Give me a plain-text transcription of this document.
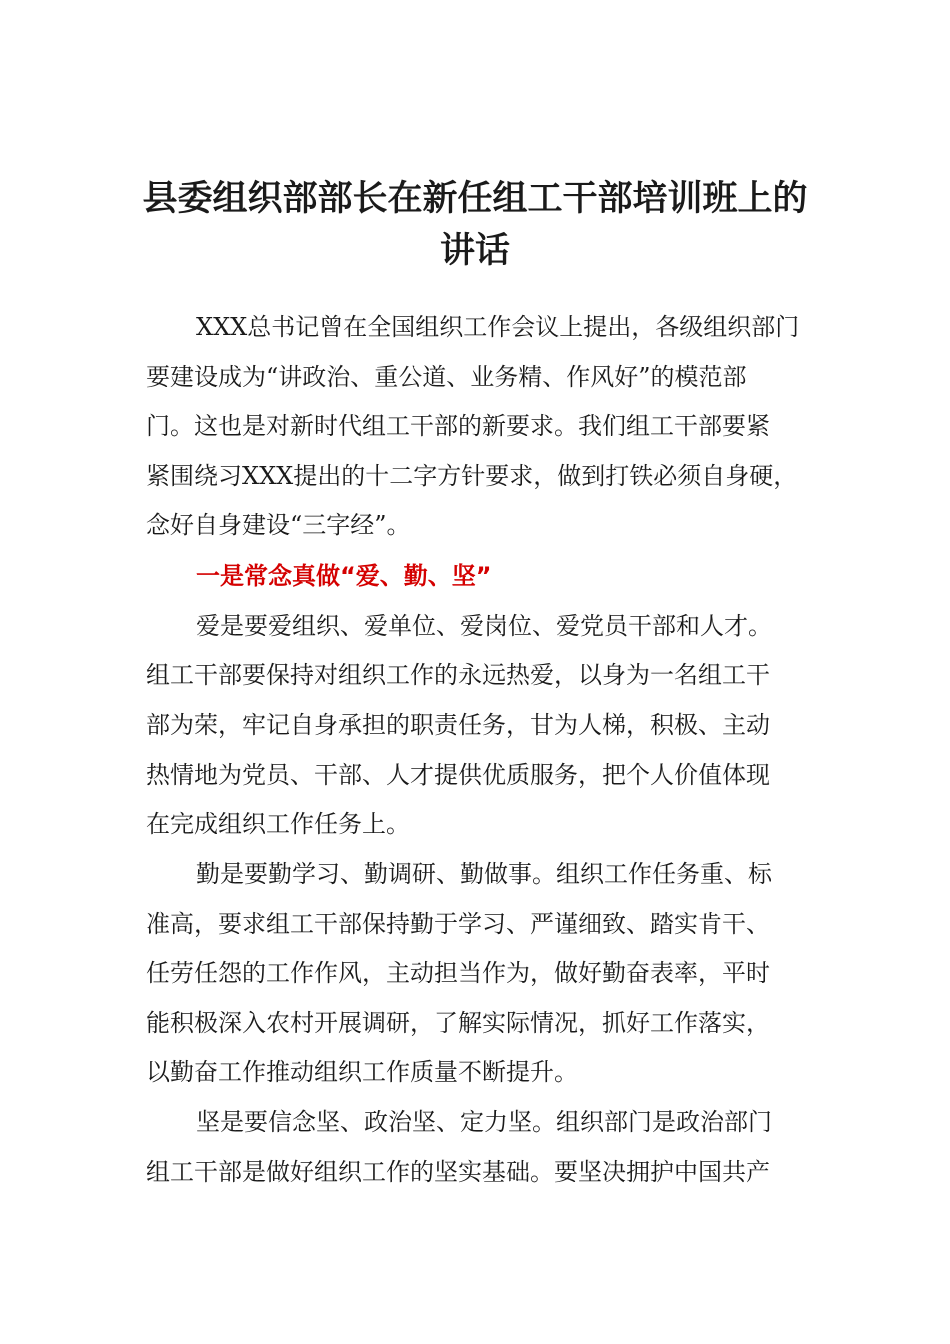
县委组织部部长在新任组工干部培训班上的
讲话

XXX总书记曾在全国组织工作会议上提出，各级组织部门

要建设成为“讲政治、重公道、业务精、作风好”的模范部

门。这也是对新时代组工干部的新要求。我们组工干部要紧

紧围绕习XXX提出的十二字方针要求，做到打铁必须自身硬，

念好自身建设“三字经”。

一是常念真做“爱、勤、坚”

爱是要爱组织、爱单位、爱岗位、爱党员干部和人才。

组工干部要保持对组织工作的永远热爱，以身为一名组工干

部为荣，牢记自身承担的职责任务，甘为人梯，积极、主动

热情地为党员、干部、人才提供优质服务，把个人价值体现

在完成组织工作任务上。

勤是要勤学习、勤调研、勤做事。组织工作任务重、标

准高，要求组工干部保持勤于学习、严谨细致、踏实肯干、

任劳任怨的工作作风，主动担当作为，做好勤奋表率，平时

能积极深入农村开展调研，了解实际情况，抓好工作落实，

以勤奋工作推动组织工作质量不断提升。

坚是要信念坚、政治坚、定力坚。组织部门是政治部门

组工干部是做好组织工作的坚实基础。要坚决拥护中国共产
